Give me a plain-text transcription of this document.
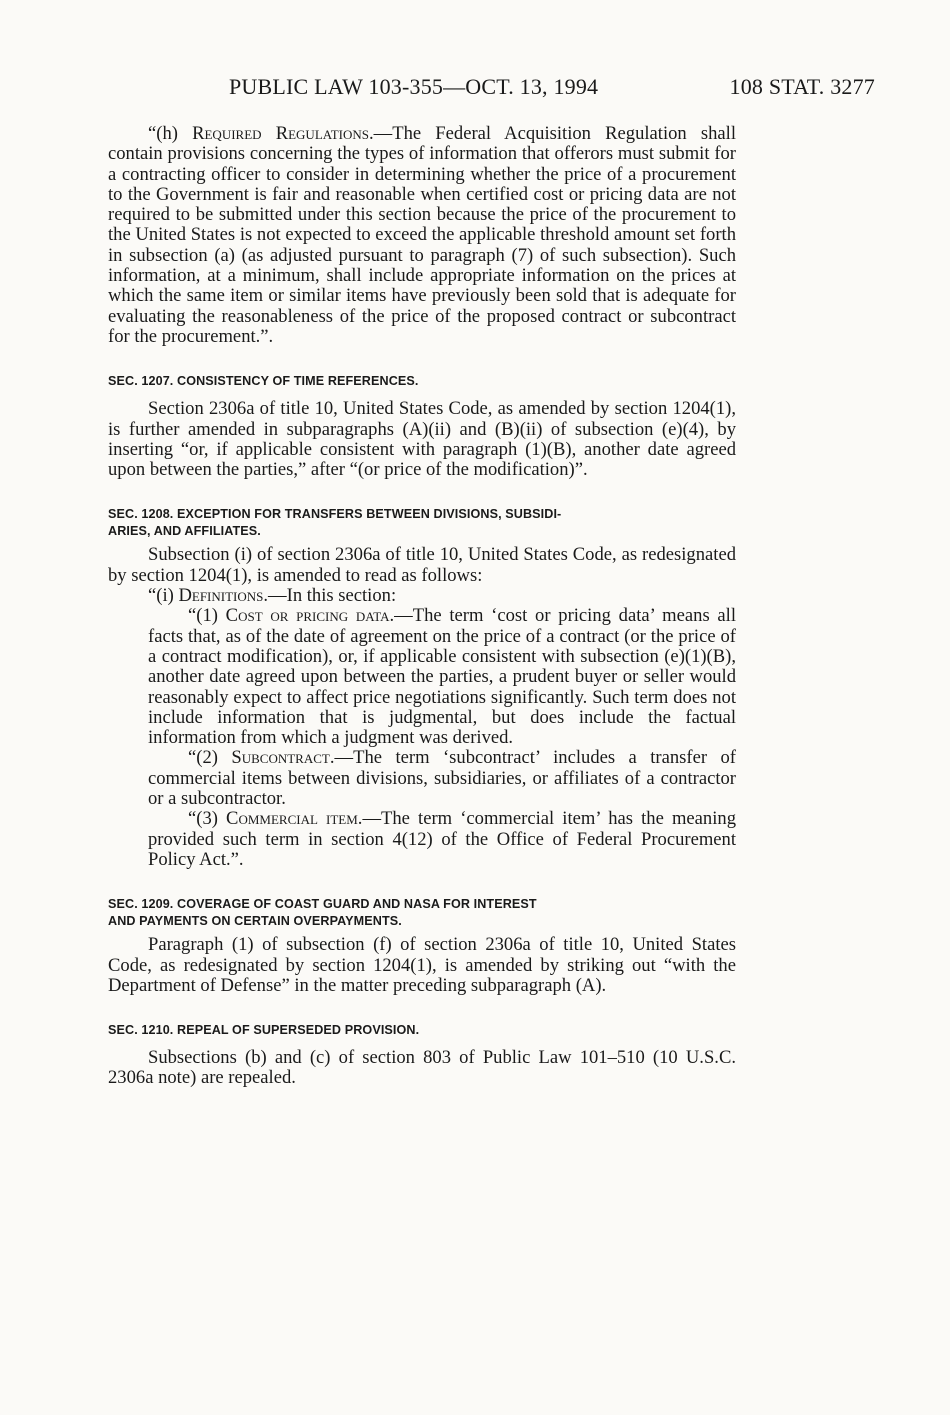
PUBLIC LAW 103-355—OCT. 13, 1994	108 STAT. 3277

“(h) Required Regulations.—The Federal Acquisition Regulation shall contain provisions concerning the types of information that offerors must submit for a contracting officer to consider in determining whether the price of a procurement to the Government is fair and reasonable when certified cost or pricing data are not required to be submitted under this section because the price of the procurement to the United States is not expected to exceed the applicable threshold amount set forth in subsection (a) (as adjusted pursuant to paragraph (7) of such subsection). Such information, at a minimum, shall include appropriate information on the prices at which the same item or similar items have previously been sold that is adequate for evaluating the reasonableness of the price of the proposed contract or subcontract for the procurement.”.

SEC. 1207. CONSISTENCY OF TIME REFERENCES.

Section 2306a of title 10, United States Code, as amended by section 1204(1), is further amended in subparagraphs (A)(ii) and (B)(ii) of subsection (e)(4), by inserting “or, if applicable consistent with paragraph (1)(B), another date agreed upon between the parties,” after “(or price of the modification)”.

SEC. 1208. EXCEPTION FOR TRANSFERS BETWEEN DIVISIONS, SUBSIDI-
ARIES, AND AFFILIATES.

Subsection (i) of section 2306a of title 10, United States Code, as redesignated by section 1204(1), is amended to read as follows:

“(i) Definitions.—In this section:

“(1) Cost or pricing data.—The term ‘cost or pricing data’ means all facts that, as of the date of agreement on the price of a contract (or the price of a contract modification), or, if applicable consistent with subsection (e)(1)(B), another date agreed upon between the parties, a prudent buyer or seller would reasonably expect to affect price negotiations significantly. Such term does not include information that is judgmental, but does include the factual information from which a judgment was derived.

“(2) Subcontract.—The term ‘subcontract’ includes a transfer of commercial items between divisions, subsidiaries, or affiliates of a contractor or a subcontractor.

“(3) Commercial item.—The term ‘commercial item’ has the meaning provided such term in section 4(12) of the Office of Federal Procurement Policy Act.”.

SEC. 1209. COVERAGE OF COAST GUARD AND NASA FOR INTEREST
AND PAYMENTS ON CERTAIN OVERPAYMENTS.

Paragraph (1) of subsection (f) of section 2306a of title 10, United States Code, as redesignated by section 1204(1), is amended by striking out “with the Department of Defense” in the matter preceding subparagraph (A).

SEC. 1210. REPEAL OF SUPERSEDED PROVISION.

Subsections (b) and (c) of section 803 of Public Law 101–510 (10 U.S.C. 2306a note) are repealed.
